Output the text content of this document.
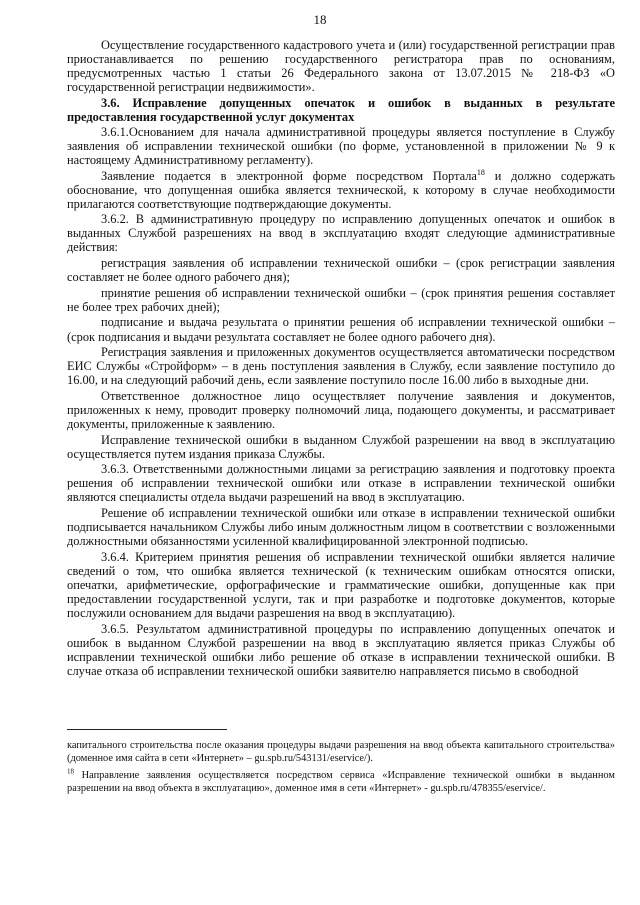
18

Осуществление государственного кадастрового учета и (или) государственной регистрации прав приостанавливается по решению государственного регистратора прав по основаниям, предусмотренных частью 1 статьи 26 Федерального закона от 13.07.2015 № 218-ФЗ «О государственной регистрации недвижимости».

3.6. Исправление допущенных опечаток и ошибок в выданных в результате предоставления государственной услуг документах

3.6.1.Основанием для начала административной процедуры является поступление в Службу заявления об исправлении технической ошибки (по форме, установленной в приложении № 9 к настоящему Административному регламенту).

Заявление подается в электронной форме посредством Портала$^{18}$ и должно содержать обоснование, что допущенная ошибка является технической, к которому в случае необходимости прилагаются соответствующие подтверждающие документы.

3.6.2. В административную процедуру по исправлению допущенных опечаток и ошибок в выданных Службой разрешениях на ввод в эксплуатацию входят следующие административные действия:

регистрация заявления об исправлении технической ошибки – (срок регистрации заявления составляет не более одного рабочего дня);

принятие решения об исправлении технической ошибки – (срок принятия решения составляет не более трех рабочих дней);

подписание и выдача результата о принятии решения об исправлении технической ошибки – (срок подписания и выдачи результата составляет не более одного рабочего дня).

Регистрация заявления и приложенных документов осуществляется автоматически посредством ЕИС Службы «Стройформ» – в день поступления заявления в Службу, если заявление поступило до 16.00, и на следующий рабочий день, если заявление поступило после 16.00 либо в выходные дни.

Ответственное должностное лицо осуществляет получение заявления и документов, приложенных к нему, проводит проверку полномочий лица, подающего документы, и рассматривает документы, приложенные к заявлению.

Исправление технической ошибки в выданном Службой разрешении на ввод в эксплуатацию осуществляется путем издания приказа Службы.

3.6.3. Ответственными должностными лицами за регистрацию заявления и подготовку проекта решения об исправлении технической ошибки или отказе в исправлении технической ошибки являются специалисты отдела выдачи разрешений на ввод в эксплуатацию.

Решение об исправлении технической ошибки или отказе в исправлении технической ошибки подписывается начальником Службы либо иным должностным лицом в соответствии с возложенными должностными обязанностями усиленной квалифицированной электронной подписью.

3.6.4. Критерием принятия решения об исправлении технической ошибки является наличие сведений о том, что ошибка является технической (к техническим ошибкам относятся описки, опечатки, арифметические, орфографические и грамматические ошибки, допущенные как при предоставлении государственной услуги, так и при разработке и подготовке документов, которые послужили основанием для выдачи разрешения на ввод в эксплуатацию).

3.6.5. Результатом административной процедуры по исправлению допущенных опечаток и ошибок в выданном Службой разрешении на ввод в эксплуатацию является приказ Службы об исправлении технической ошибки либо решение об отказе в исправлении технической ошибки. В случае отказа об исправлении технической ошибки заявителю направляется письмо в свободной

капитального строительства после оказания процедуры выдачи разрешения на ввод объекта капитального строительства» (доменное имя сайта в сети «Интернет» – gu.spb.ru/543131/eservice/).

$^{18}$ Направление заявления осуществляется посредством сервиса «Исправление технической ошибки в выданном разрешении на ввод объекта в эксплуатацию», доменное имя в сети «Интернет» - gu.spb.ru/478355/eservice/.
